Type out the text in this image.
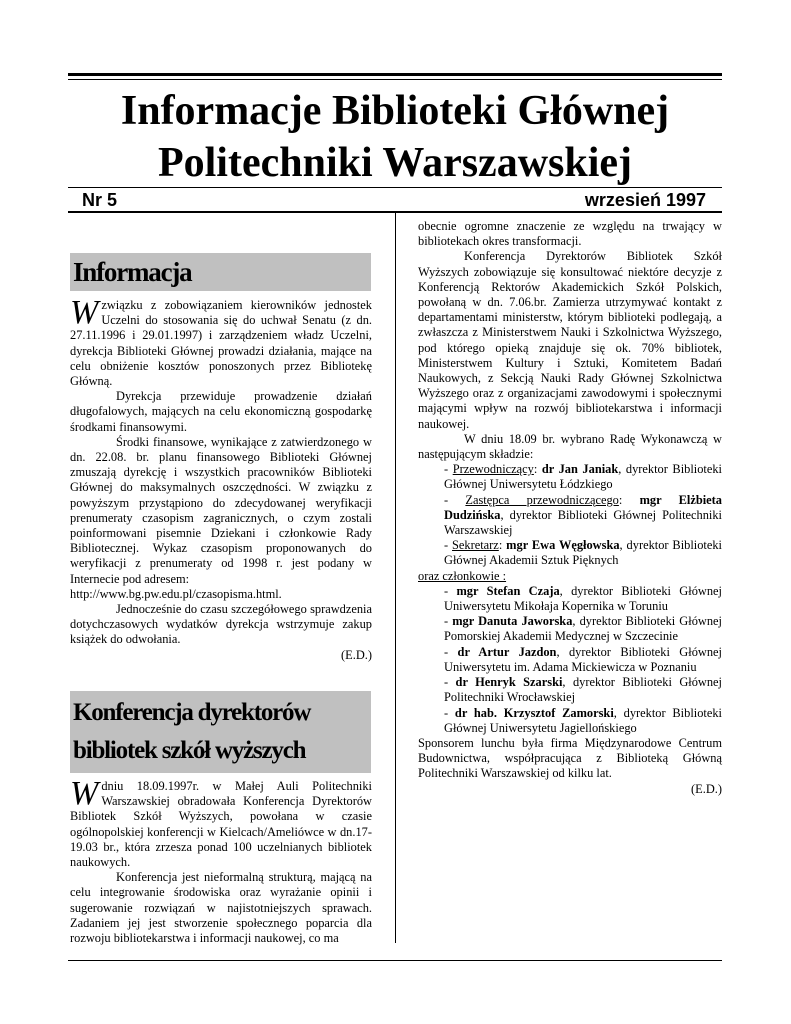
Informacje Biblioteki Głównej
Politechniki Warszawskiej
Nr 5	wrzesień 1997
Informacja
W związku z zobowiązaniem kierowników jednostek Uczelni do stosowania się do uchwał Senatu (z dn. 27.11.1996 i 29.01.1997) i zarządzeniem władz Uczelni, dyrekcja Biblioteki Głównej prowadzi działania, mające na celu obniżenie kosztów ponoszonych przez Bibliotekę Główną.

Dyrekcja przewiduje prowadzenie działań długofalowych, mających na celu ekonomiczną gospodarkę środkami finansowymi.

Środki finansowe, wynikające z zatwierdzonego w dn. 22.08. br. planu finansowego Biblioteki Głównej zmuszają dyrekcję i wszystkich pracowników Biblioteki Głównej do maksymalnych oszczędności. W związku z powyższym przystąpiono do zdecydowanej weryfikacji prenumeraty czasopism zagranicznych, o czym zostali poinformowani pisemnie Dziekani i członkowie Rady Bibliotecznej. Wykaz czasopism proponowanych do weryfikacji z prenumeraty od 1998 r. jest podany w Internecie pod adresem:

http://www.bg.pw.edu.pl/czasopisma.html.

Jednocześnie do czasu szczegółowego sprawdzenia dotychczasowych wydatków dyrekcja wstrzymuje zakup książek do odwołania.

(E.D.)

Konferencja dyrektorów
bibliotek szkół wyższych
W dniu 18.09.1997r. w Małej Auli Politechniki Warszawskiej obradowała Konferencja Dyrektorów Bibliotek Szkół Wyższych, powołana w czasie ogólnopolskiej konferencji w Kielcach/Ameliówce w dn.17-19.03 br., która zrzesza ponad 100 uczelnianych bibliotek naukowych.

Konferencja jest nieformalną strukturą, mającą na celu integrowanie środowiska oraz wyrażanie opinii i sugerowanie rozwiązań w najistotniejszych sprawach. Zadaniem jej jest stworzenie społecznego poparcia dla rozwoju bibliotekarstwa i informacji naukowej, co ma

obecnie ogromne znaczenie ze względu na trwający w bibliotekach okres transformacji.

Konferencja Dyrektorów Bibliotek Szkół Wyższych zobowiązuje się konsultować niektóre decyzje z Konferencją Rektorów Akademickich Szkół Polskich, powołaną w dn. 7.06.br. Zamierza utrzymywać kontakt z departamentami ministerstw, którym biblioteki podlegają, a zwłaszcza z Ministerstwem Nauki i Szkolnictwa Wyższego, pod którego opieką znajduje się ok. 70% bibliotek, Ministerstwem Kultury i Sztuki, Komitetem Badań Naukowych, z Sekcją Nauki Rady Głównej Szkolnictwa Wyższego oraz z organizacjami zawodowymi i społecznymi mającymi wpływ na rozwój bibliotekarstwa i informacji naukowej.

W dniu 18.09 br. wybrano Radę Wykonawczą w następującym składzie:

- Przewodniczący: dr Jan Janiak, dyrektor Biblioteki Głównej Uniwersytetu Łódzkiego

- Zastępca przewodniczącego: mgr Elżbieta Dudzińska, dyrektor Biblioteki Głównej Politechniki Warszawskiej

- Sekretarz: mgr Ewa Węgłowska, dyrektor Biblioteki Głównej Akademii Sztuk Pięknych

oraz członkowie :

- mgr Stefan Czaja, dyrektor Biblioteki Głównej Uniwersytetu Mikołaja Kopernika w Toruniu

- mgr Danuta Jaworska, dyrektor Biblioteki Głównej Pomorskiej Akademii Medycznej w Szczecinie

- dr Artur Jazdon, dyrektor Biblioteki Głównej Uniwersytetu im. Adama Mickiewicza w Poznaniu

- dr Henryk Szarski, dyrektor Biblioteki Głównej Politechniki Wrocławskiej

- dr hab. Krzysztof Zamorski, dyrektor Biblioteki Głównej Uniwersytetu Jagiellońskiego

Sponsorem lunchu była firma Międzynarodowe Centrum Budownictwa, współpracująca z Biblioteką Główną Politechniki Warszawskiej od kilku lat.

(E.D.)
